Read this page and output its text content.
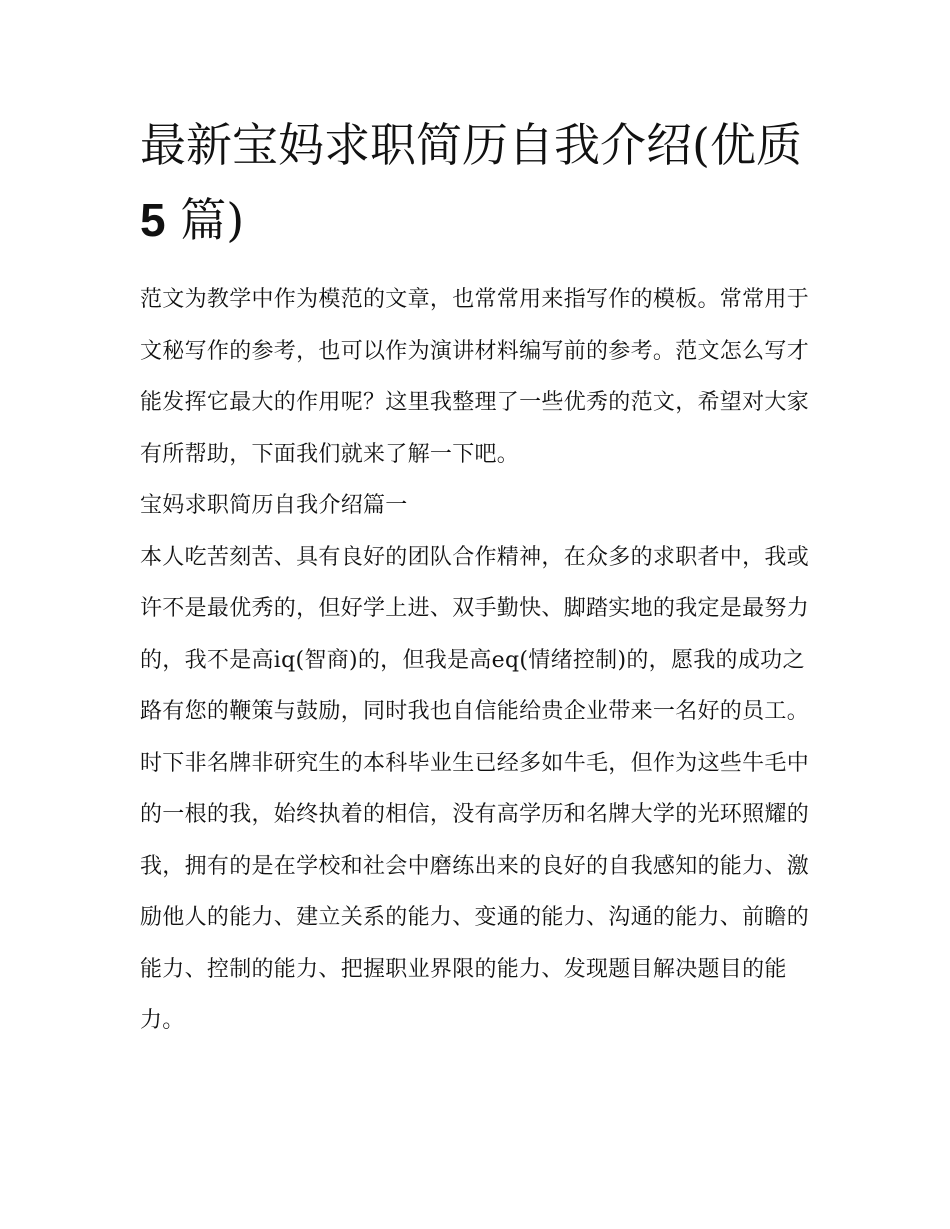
最新宝妈求职简历自我介绍(优质 5 篇)

范文为教学中作为模范的文章，也常常用来指写作的模板。常常用于文秘写作的参考，也可以作为演讲材料编写前的参考。范文怎么写才能发挥它最大的作用呢？这里我整理了一些优秀的范文，希望对大家有所帮助，下面我们就来了解一下吧。

宝妈求职简历自我介绍篇一

本人吃苦刻苦、具有良好的团队合作精神，在众多的求职者中，我或许不是最优秀的，但好学上进、双手勤快、脚踏实地的我定是最努力的，我不是高iq(智商)的，但我是高eq(情绪控制)的，愿我的成功之路有您的鞭策与鼓励，同时我也自信能给贵企业带来一名好的员工。

时下非名牌非研究生的本科毕业生已经多如牛毛，但作为这些牛毛中的一根的我，始终执着的相信，没有高学历和名牌大学的光环照耀的我，拥有的是在学校和社会中磨练出来的良好的自我感知的能力、激励他人的能力、建立关系的能力、变通的能力、沟通的能力、前瞻的能力、控制的能力、把握职业界限的能力、发现题目解决题目的能力。
